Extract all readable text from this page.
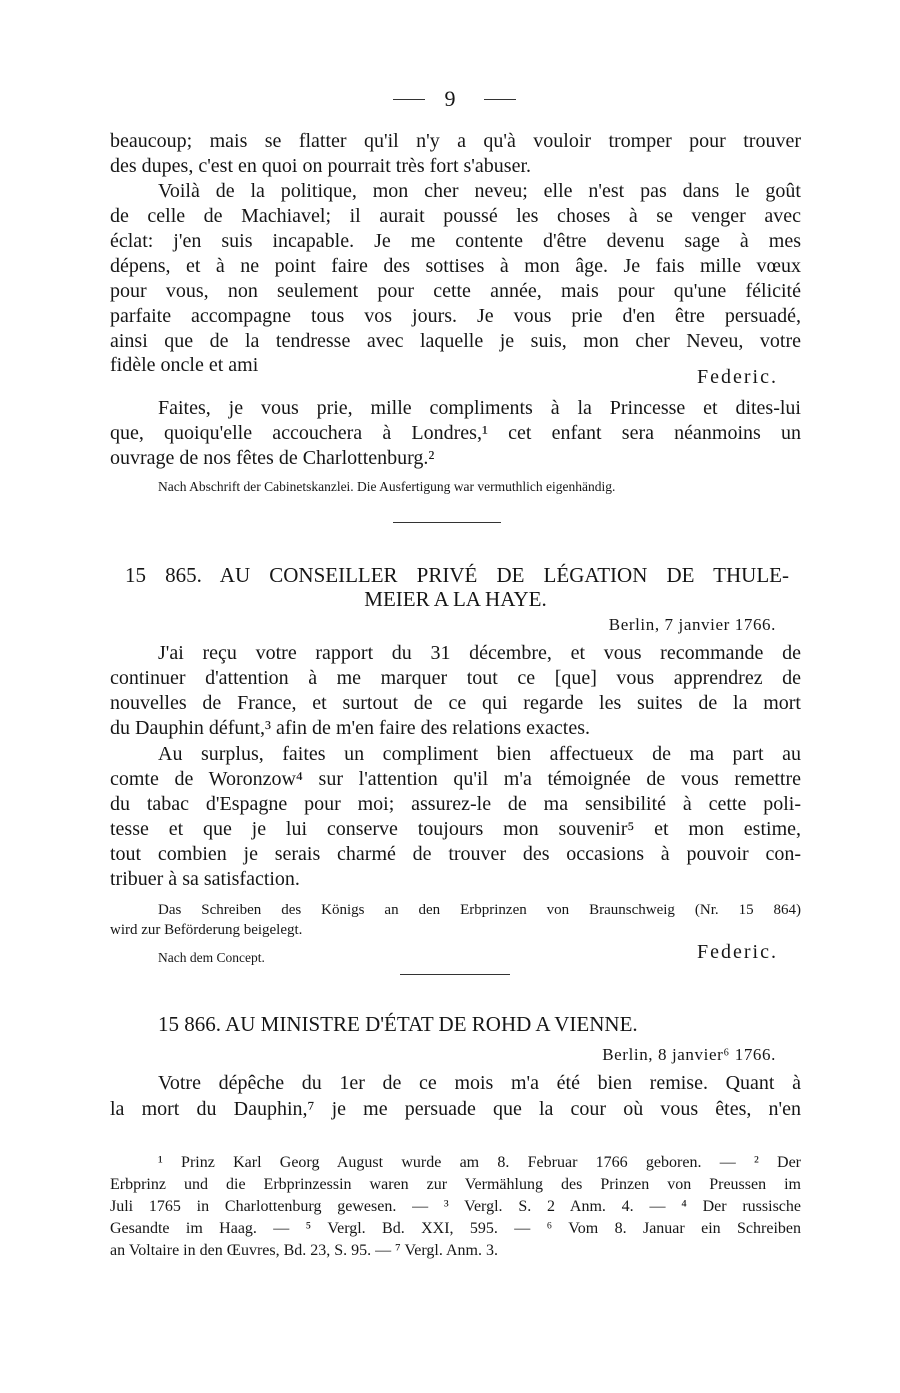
9
beaucoup; mais se flatter qu'il n'y a qu'à vouloir tromper pour trouver
des dupes, c'est en quoi on pourrait très fort s'abuser.
Voilà de la politique, mon cher neveu; elle n'est pas dans le goût
de celle de Machiavel; il aurait poussé les choses à se venger avec
éclat: j'en suis incapable. Je me contente d'être devenu sage à mes
dépens, et à ne point faire des sottises à mon âge. Je fais mille vœux
pour vous, non seulement pour cette année, mais pour qu'une félicité
parfaite accompagne tous vos jours. Je vous prie d'en être persuadé,
ainsi que de la tendresse avec laquelle je suis, mon cher Neveu, votre
fidèle oncle et ami
Federic.
Faites, je vous prie, mille compliments à la Princesse et dites-lui
que, quoiqu'elle accouchera à Londres,¹ cet enfant sera néanmoins un
ouvrage de nos fêtes de Charlottenburg.²
Nach Abschrift der Cabinetskanzlei. Die Ausfertigung war vermuthlich eigenhändig.
15 865. AU CONSEILLER PRIVÉ DE LÉGATION DE THULE-
MEIER A LA HAYE.
Berlin, 7 janvier 1766.
J'ai reçu votre rapport du 31 décembre, et vous recommande de
continuer d'attention à me marquer tout ce [que] vous apprendrez de
nouvelles de France, et surtout de ce qui regarde les suites de la mort
du Dauphin défunt,³ afin de m'en faire des relations exactes.
Au surplus, faites un compliment bien affectueux de ma part au
comte de Woronzow⁴ sur l'attention qu'il m'a témoignée de vous remettre
du tabac d'Espagne pour moi; assurez-le de ma sensibilité à cette poli-
tesse et que je lui conserve toujours mon souvenir⁵ et mon estime,
tout combien je serais charmé de trouver des occasions à pouvoir con-
tribuer à sa satisfaction.
Das Schreiben des Königs an den Erbprinzen von Braunschweig (Nr. 15 864)
wird zur Beförderung beigelegt.
Nach dem Concept.	Federic.
15 866. AU MINISTRE D'ÉTAT DE ROHD A VIENNE.
Berlin, 8 janvier⁶ 1766.
Votre dépêche du 1er de ce mois m'a été bien remise. Quant à
la mort du Dauphin,⁷ je me persuade que la cour où vous êtes, n'en
¹ Prinz Karl Georg August wurde am 8. Februar 1766 geboren. — ² Der
Erbprinz und die Erbprinzessin waren zur Vermählung des Prinzen von Preussen im
Juli 1765 in Charlottenburg gewesen. — ³ Vergl. S. 2 Anm. 4. — ⁴ Der russische
Gesandte im Haag. — ⁵ Vergl. Bd. XXI, 595. — ⁶ Vom 8. Januar ein Schreiben
an Voltaire in den Œuvres, Bd. 23, S. 95. — ⁷ Vergl. Anm. 3.
